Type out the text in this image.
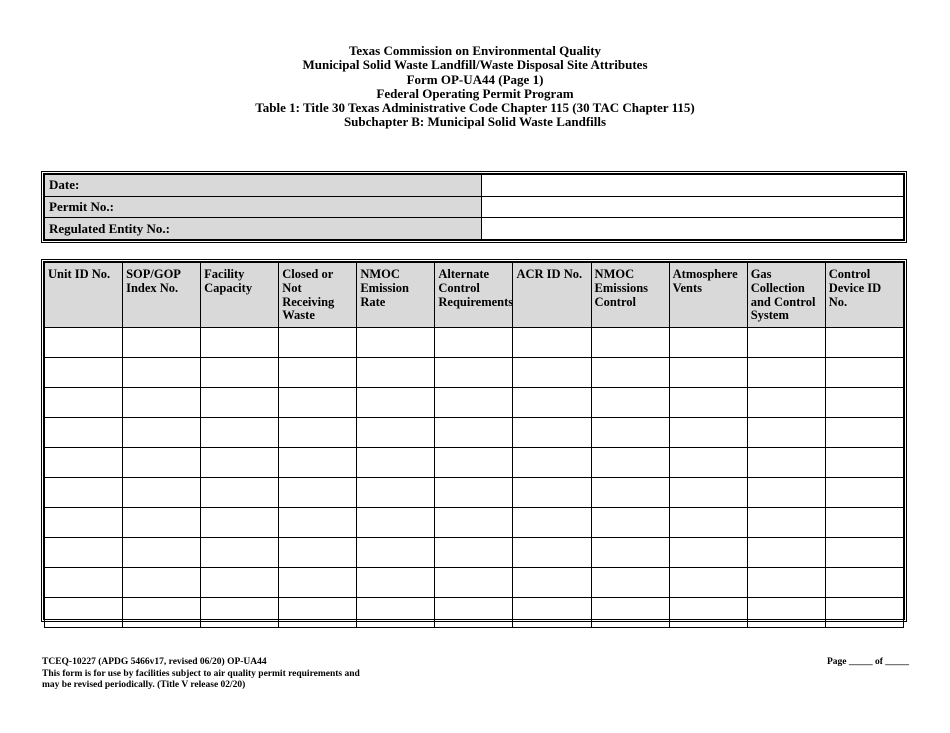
Texas Commission on Environmental Quality
Municipal Solid Waste Landfill/Waste Disposal Site Attributes
Form OP-UA44 (Page 1)
Federal Operating Permit Program
Table 1: Title 30 Texas Administrative Code Chapter 115 (30 TAC Chapter 115)
Subchapter B: Municipal Solid Waste Landfills
Date:	
Permit No.:	
Regulated Entity No.:	
Unit ID No.	SOP/GOP Index No.	Facility Capacity	Closed or Not Receiving Waste	NMOC Emission Rate	Alternate Control Requirements	ACR ID No.	NMOC Emissions Control	Atmosphere Vents	Gas Collection and Control System	Control Device ID No.

TCEQ-10227 (APDG 5466v17, revised 06/20) OP-UA44
This form is for use by facilities subject to air quality permit requirements and
may be revised periodically. (Title V release 02/20)
Page _____ of _____
